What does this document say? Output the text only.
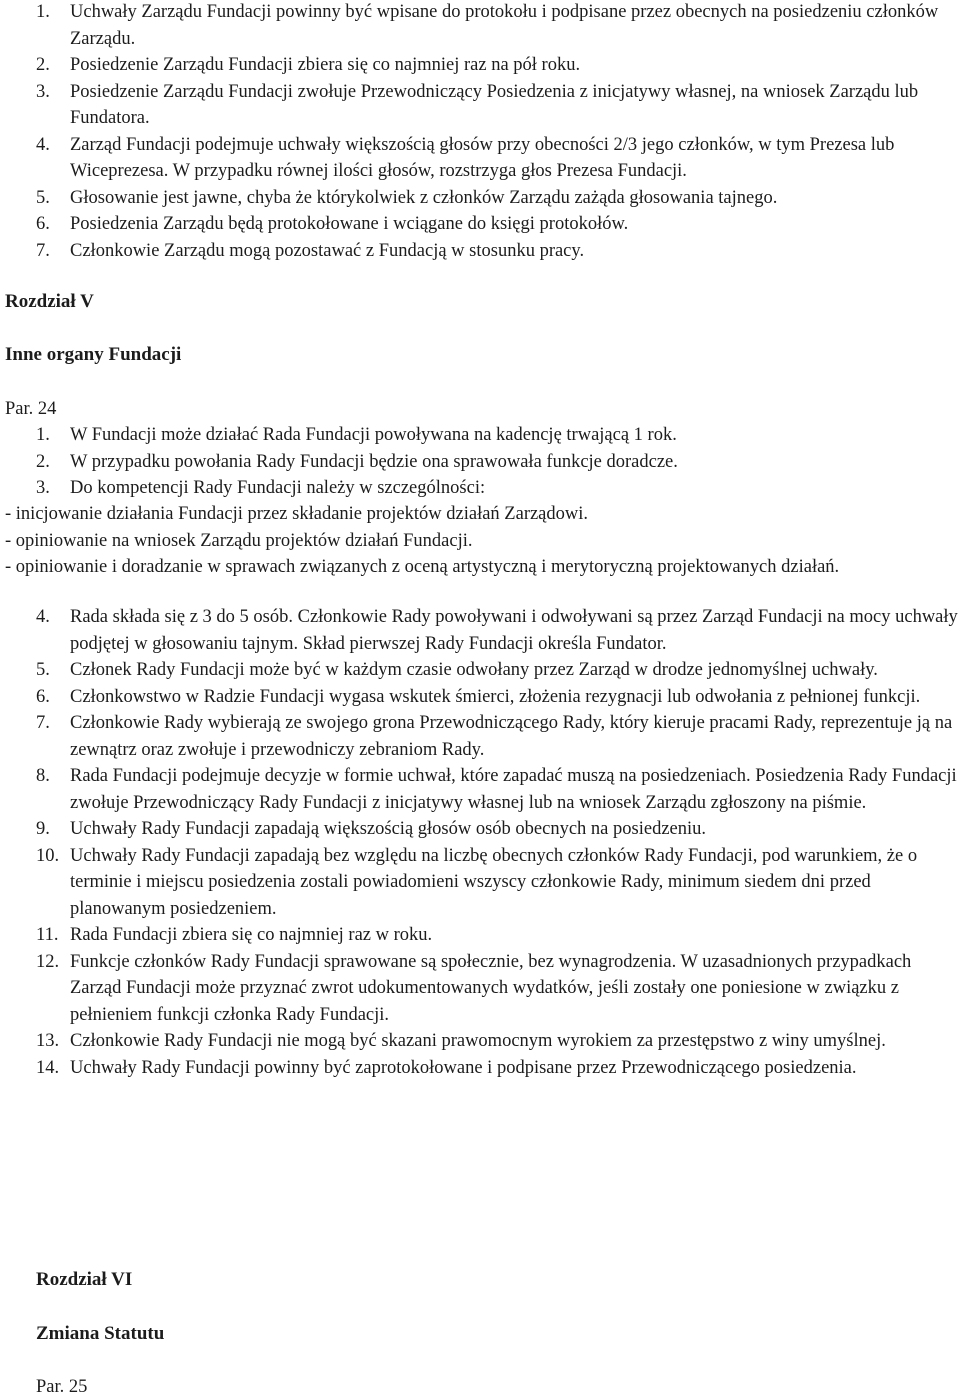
1.	Uchwały Zarządu Fundacji powinny być wpisane do protokołu i podpisane przez obecnych na posiedzeniu członków Zarządu.
2.	Posiedzenie Zarządu Fundacji zbiera się co najmniej raz na pół roku.
3.	Posiedzenie Zarządu Fundacji zwołuje Przewodniczący Posiedzenia z inicjatywy własnej, na wniosek Zarządu lub Fundatora.
4.	Zarząd Fundacji podejmuje uchwały większością głosów przy obecności 2/3 jego członków, w tym Prezesa lub Wiceprezesa. W przypadku równej ilości głosów, rozstrzyga głos Prezesa Fundacji.
5.	Głosowanie jest jawne, chyba że którykolwiek z członków Zarządu zażąda głosowania tajnego.
6.	Posiedzenia Zarządu będą protokołowane i wciągane do księgi protokołów.
7.	Członkowie Zarządu mogą pozostawać z Fundacją w stosunku pracy.
Rozdział V
Inne organy Fundacji
Par. 24
1.	W Fundacji może działać Rada Fundacji powoływana na kadencję trwającą 1 rok.
2.	W przypadku powołania Rady Fundacji będzie ona sprawowała funkcje doradcze.
3.	Do kompetencji Rady Fundacji należy w szczególności:
- inicjowanie działania Fundacji przez składanie projektów działań Zarządowi.
- opiniowanie na wniosek Zarządu projektów działań Fundacji.
- opiniowanie i doradzanie w sprawach związanych z oceną artystyczną i merytoryczną projektowanych działań.
4.	Rada składa się z 3 do 5 osób. Członkowie Rady powoływani i odwoływani są przez Zarząd Fundacji na mocy uchwały podjętej w głosowaniu tajnym. Skład pierwszej Rady Fundacji określa Fundator.
5.	Członek Rady Fundacji może być w każdym czasie odwołany przez Zarząd w drodze jednomyślnej uchwały.
6.	Członkowstwo w Radzie Fundacji wygasa wskutek śmierci, złożenia rezygnacji lub odwołania z pełnionej funkcji.
7.	Członkowie Rady wybierają ze swojego grona Przewodniczącego Rady, który kieruje pracami Rady, reprezentuje ją na zewnątrz oraz zwołuje i przewodniczy zebraniom Rady.
8.	Rada Fundacji podejmuje decyzje w formie uchwał, które zapadać muszą na posiedzeniach. Posiedzenia Rady Fundacji zwołuje Przewodniczący Rady Fundacji z inicjatywy własnej lub na wniosek Zarządu zgłoszony na piśmie.
9.	Uchwały Rady Fundacji zapadają większością głosów osób obecnych na posiedzeniu.
10. Uchwały Rady Fundacji zapadają bez względu na liczbę obecnych członków Rady Fundacji, pod warunkiem, że o terminie i miejscu posiedzenia zostali powiadomieni wszyscy członkowie Rady, minimum siedem dni przed planowanym posiedzeniem.
11. Rada Fundacji zbiera się co najmniej raz w roku.
12. Funkcje członków Rady Fundacji sprawowane są społecznie, bez wynagrodzenia. W uzasadnionych przypadkach Zarząd Fundacji może przyznać zwrot udokumentowanych wydatków, jeśli zostały one poniesione w związku z pełnieniem funkcji członka Rady Fundacji.
13. Członkowie Rady Fundacji nie mogą być skazani prawomocnym wyrokiem za przestępstwo z winy umyślnej.
14. Uchwały Rady Fundacji powinny być zaprotokołowane i podpisane przez Przewodniczącego posiedzenia.
Rozdział VI
Zmiana Statutu
Par. 25
